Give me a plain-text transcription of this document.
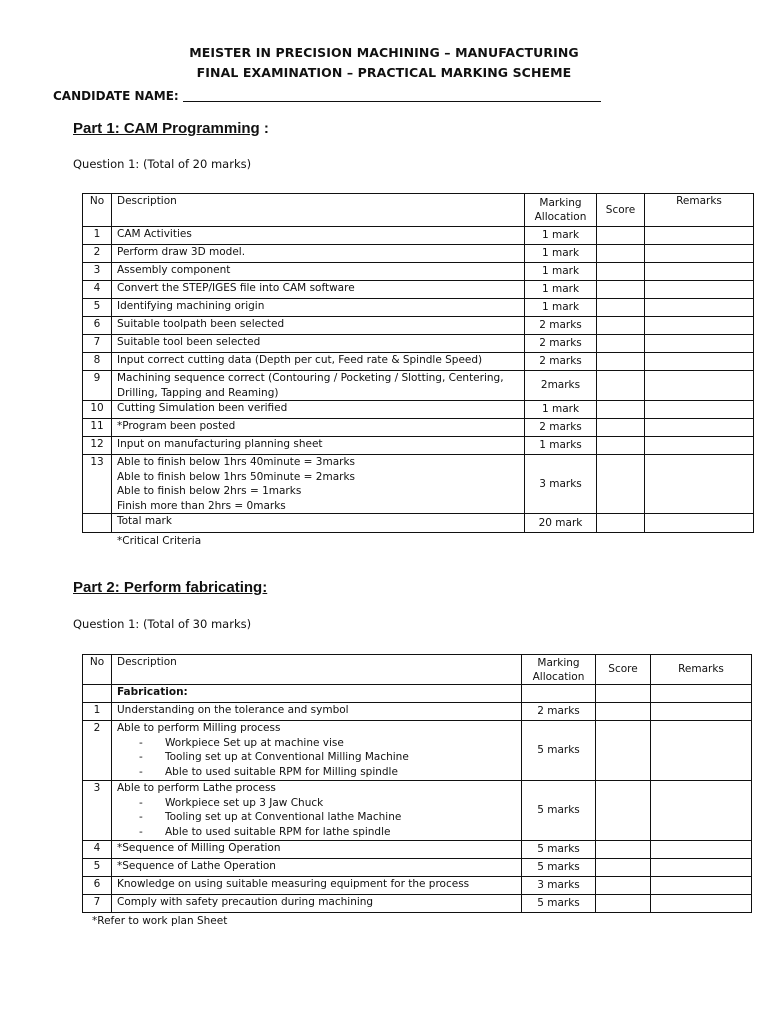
MEISTER IN PRECISION MACHINING – MANUFACTURING
FINAL EXAMINATION – PRACTICAL MARKING SCHEME
CANDIDATE NAME:
Part 1: CAM Programming :
Question 1: (Total of 20 marks)
No	Description	Marking Allocation	Score	Remarks
1	CAM Activities	1 mark		
2	Perform draw 3D model.	1 mark		
3	Assembly component	1 mark		
4	Convert the STEP/IGES file into CAM software	1 mark		
5	Identifying machining origin	1 mark		
6	Suitable toolpath been selected	2 marks		
7	Suitable tool been selected	2 marks		
8	Input correct cutting data (Depth per cut, Feed rate & Spindle Speed)	2 marks		
9	Machining sequence correct (Contouring / Pocketing / Slotting, Centering,
Drilling, Tapping and Reaming)	2marks		
10	Cutting Simulation been verified	1 mark		
11	*Program been posted	2 marks		
12	Input on manufacturing planning sheet	1 marks		
13	Able to finish below 1hrs 40minute = 3marks
Able to finish below 1hrs 50minute = 2marks
Able to finish below 2hrs = 1marks
Finish more than 2hrs = 0marks	3 marks		
	Total mark	20 mark		
*Critical Criteria
Part 2: Perform fabricating:
Question 1: (Total of 30 marks)
No	Description	Marking Allocation	Score	Remarks
	Fabrication:			
1	Understanding on the tolerance and symbol	2 marks		
2	Able to perform Milling process
- Workpiece Set up at machine vise
- Tooling set up at Conventional Milling Machine
- Able to used suitable RPM for Milling spindle	5 marks		
3	Able to perform Lathe process
- Workpiece set up 3 Jaw Chuck
- Tooling set up at Conventional lathe Machine
- Able to used suitable RPM for lathe spindle	5 marks		
4	*Sequence of Milling Operation	5 marks		
5	*Sequence of Lathe Operation	5 marks		
6	Knowledge on using suitable measuring equipment for the process	3 marks		
7	Comply with safety precaution during machining	5 marks		
*Refer to work plan Sheet
